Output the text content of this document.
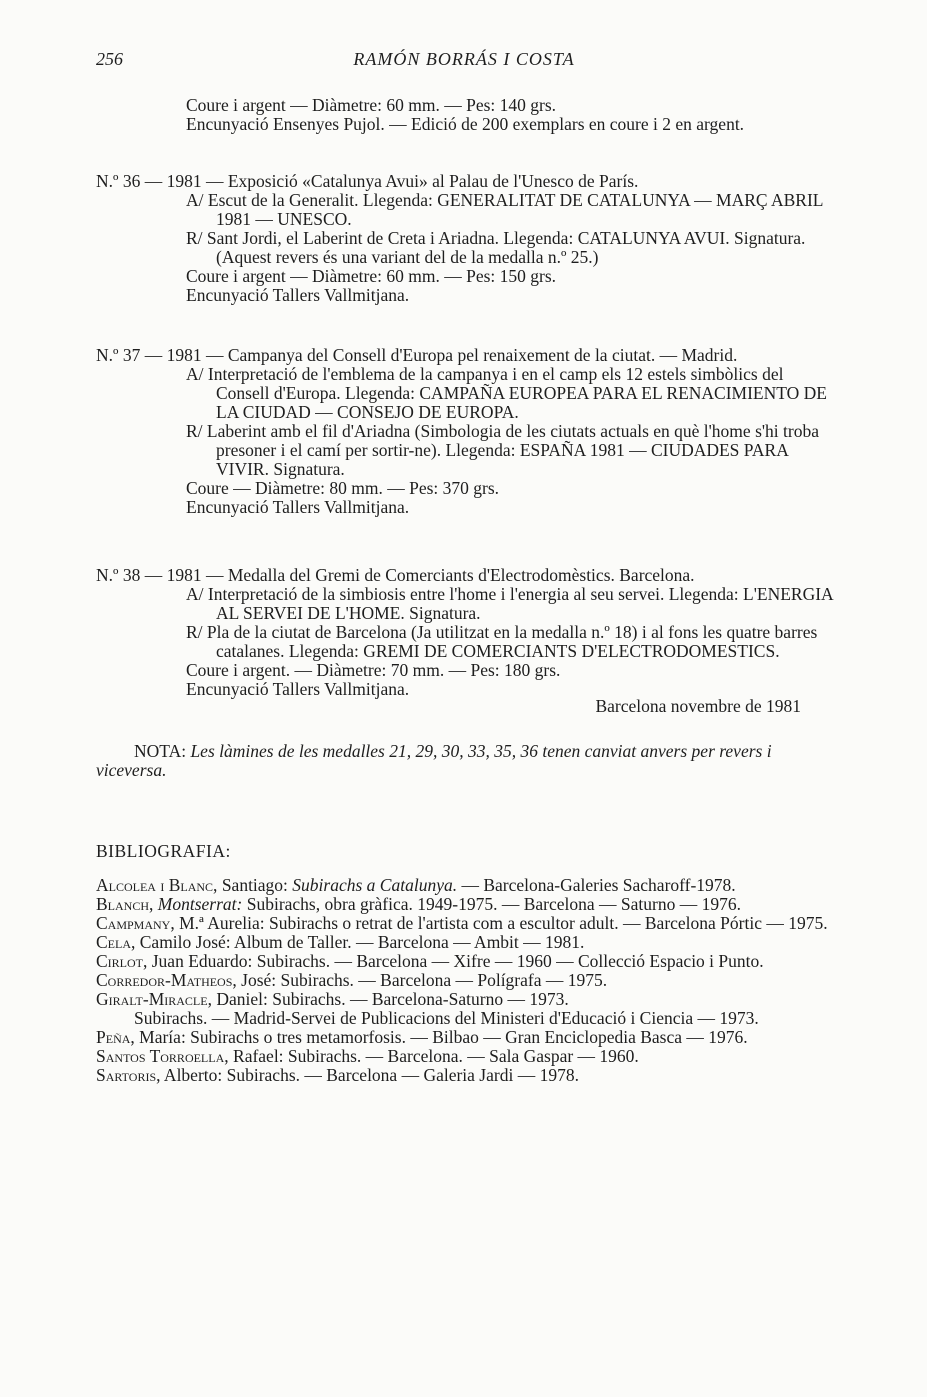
256	RAMÓN BORRÁS I COSTA

Coure i argent — Diàmetre: 60 mm. — Pes: 140 grs.

Encunyació Ensenyes Pujol. — Edició de 200 exemplars en coure i 2 en argent.

N.º 36 — 1981 — Exposició «Catalunya Avui» al Palau de l'Unesco de París.

A/ Escut de la Generalit. Llegenda: GENERALITAT DE CATALUNYA — MARÇ ABRIL 1981 — UNESCO.

R/ Sant Jordi, el Laberint de Creta i Ariadna. Llegenda: CATALUNYA AVUI. Signatura. (Aquest revers és una variant del de la medalla n.º 25.)

Coure i argent — Diàmetre: 60 mm. — Pes: 150 grs.

Encunyació Tallers Vallmitjana.

N.º 37 — 1981 — Campanya del Consell d'Europa pel renaixement de la ciutat. — Madrid.

A/ Interpretació de l'emblema de la campanya i en el camp els 12 estels simbòlics del Consell d'Europa. Llegenda: CAMPAÑA EUROPEA PARA EL RENACIMIENTO DE LA CIUDAD — CONSEJO DE EUROPA.

R/ Laberint amb el fil d'Ariadna (Simbologia de les ciutats actuals en què l'home s'hi troba presoner i el camí per sortir-ne). Llegenda: ESPAÑA 1981 — CIUDADES PARA VIVIR. Signatura.

Coure — Diàmetre: 80 mm. — Pes: 370 grs.

Encunyació Tallers Vallmitjana.

N.º 38 — 1981 — Medalla del Gremi de Comerciants d'Electrodomèstics. Barcelona.

A/ Interpretació de la simbiosis entre l'home i l'energia al seu servei. Llegenda: L'ENERGIA AL SERVEI DE L'HOME. Signatura.

R/ Pla de la ciutat de Barcelona (Ja utilitzat en la medalla n.º 18) i al fons les quatre barres catalanes. Llegenda: GREMI DE COMERCIANTS D'ELECTRODOMESTICS.

Coure i argent. — Diàmetre: 70 mm. — Pes: 180 grs.

Encunyació Tallers Vallmitjana.

Barcelona novembre de 1981

NOTA: Les làmines de les medalles 21, 29, 30, 33, 35, 36 tenen canviat anvers per revers i viceversa.

BIBLIOGRAFIA:

Alcolea i Blanc, Santiago: Subirachs a Catalunya. — Barcelona-Galeries Sacharoff-1978.

Blanch, Montserrat: Subirachs, obra gràfica. 1949-1975. — Barcelona — Saturno — 1976.

Campmany, M.ª Aurelia: Subirachs o retrat de l'artista com a escultor adult. — Barcelona Pórtic — 1975.

Cela, Camilo José: Album de Taller. — Barcelona — Ambit — 1981.

Cirlot, Juan Eduardo: Subirachs. — Barcelona — Xifre — 1960 — Collecció Espacio i Punto.

Corredor-Matheos, José: Subirachs. — Barcelona — Polígrafa — 1975.

Giralt-Miracle, Daniel: Subirachs. — Barcelona-Saturno — 1973.

Subirachs. — Madrid-Servei de Publicacions del Ministeri d'Educació i Ciencia — 1973.

Peña, María: Subirachs o tres metamorfosis. — Bilbao — Gran Enciclopedia Basca — 1976.

Santos Torroella, Rafael: Subirachs. — Barcelona. — Sala Gaspar — 1960.

Sartoris, Alberto: Subirachs. — Barcelona — Galeria Jardi — 1978.
